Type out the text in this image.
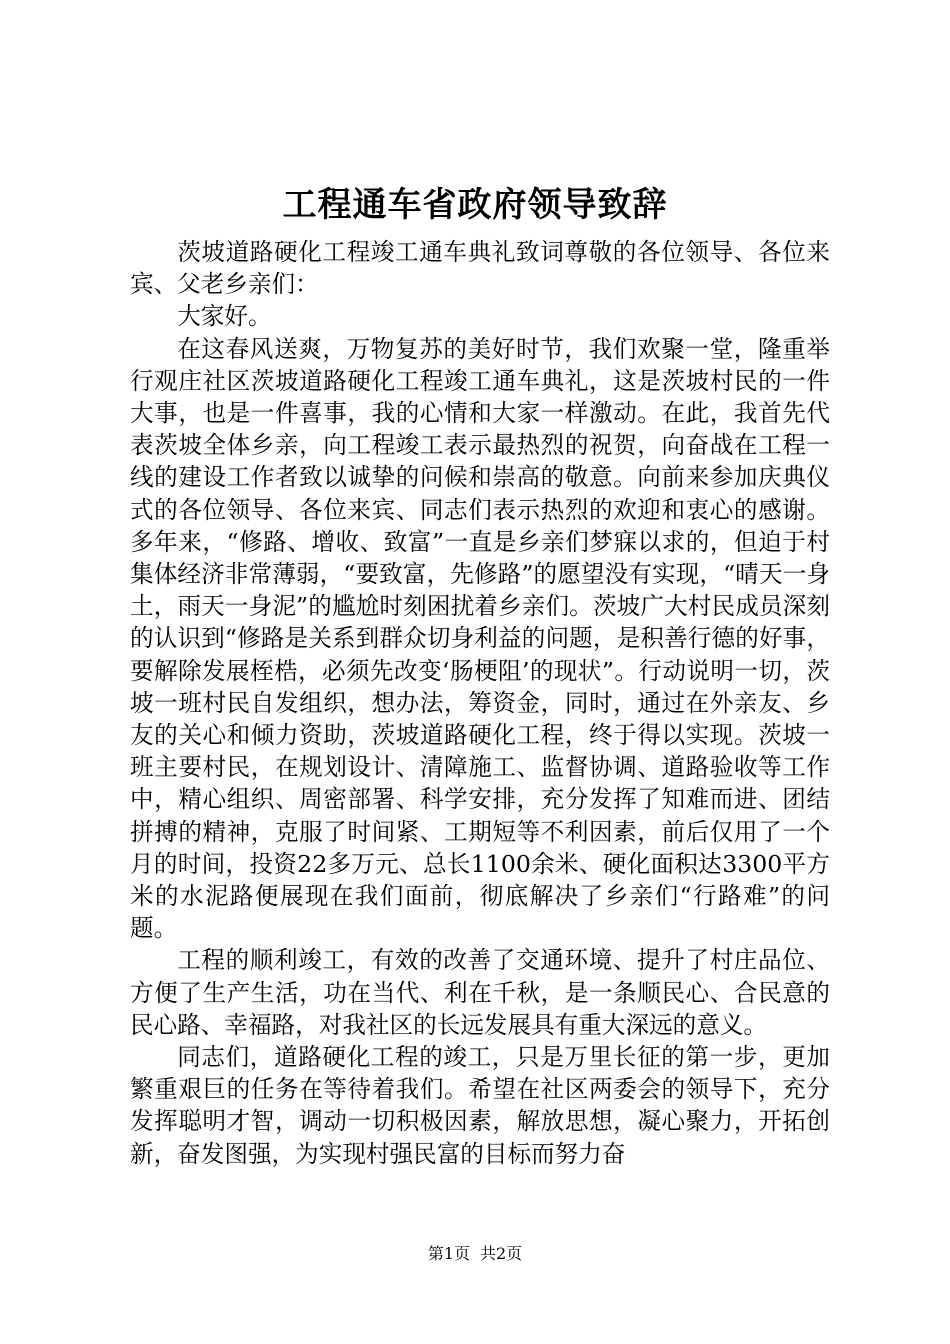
工程通车省政府领导致辞

茨坡道路硬化工程竣工通车典礼致词尊敬的各位领导、各位来宾、父老乡亲们：

大家好。

在这春风送爽，万物复苏的美好时节，我们欢聚一堂，隆重举行观庄社区茨坡道路硬化工程竣工通车典礼，这是茨坡村民的一件大事，也是一件喜事，我的心情和大家一样激动。在此，我首先代表茨坡全体乡亲，向工程竣工表示最热烈的祝贺，向奋战在工程一线的建设工作者致以诚挚的问候和崇高的敬意。向前来参加庆典仪式的各位领导、各位来宾、同志们表示热烈的欢迎和衷心的感谢。多年来，“修路、增收、致富”一直是乡亲们梦寐以求的，但迫于村集体经济非常薄弱，“要致富，先修路”的愿望没有实现，“晴天一身土，雨天一身泥”的尴尬时刻困扰着乡亲们。茨坡广大村民成员深刻的认识到“修路是关系到群众切身利益的问题，是积善行德的好事，要解除发展桎梏，必须先改变‘肠梗阻’的现状”。行动说明一切，茨坡一班村民自发组织，想办法，筹资金，同时，通过在外亲友、乡友的关心和倾力资助，茨坡道路硬化工程，终于得以实现。茨坡一班主要村民，在规划设计、清障施工、监督协调、道路验收等工作中，精心组织、周密部署、科学安排，充分发挥了知难而进、团结拼搏的精神，克服了时间紧、工期短等不利因素，前后仅用了一个月的时间，投资22多万元、总长1100余米、硬化面积达3300平方米的水泥路便展现在我们面前，彻底解决了乡亲们“行路难”的问题。

工程的顺利竣工，有效的改善了交通环境、提升了村庄品位、方便了生产生活，功在当代、利在千秋，是一条顺民心、合民意的民心路、幸福路，对我社区的长远发展具有重大深远的意义。

同志们，道路硬化工程的竣工，只是万里长征的第一步，更加繁重艰巨的任务在等待着我们。希望在社区两委会的领导下，充分发挥聪明才智，调动一切积极因素，解放思想，凝心聚力，开拓创新，奋发图强，为实现村强民富的目标而努力奋

第1页 共2页
